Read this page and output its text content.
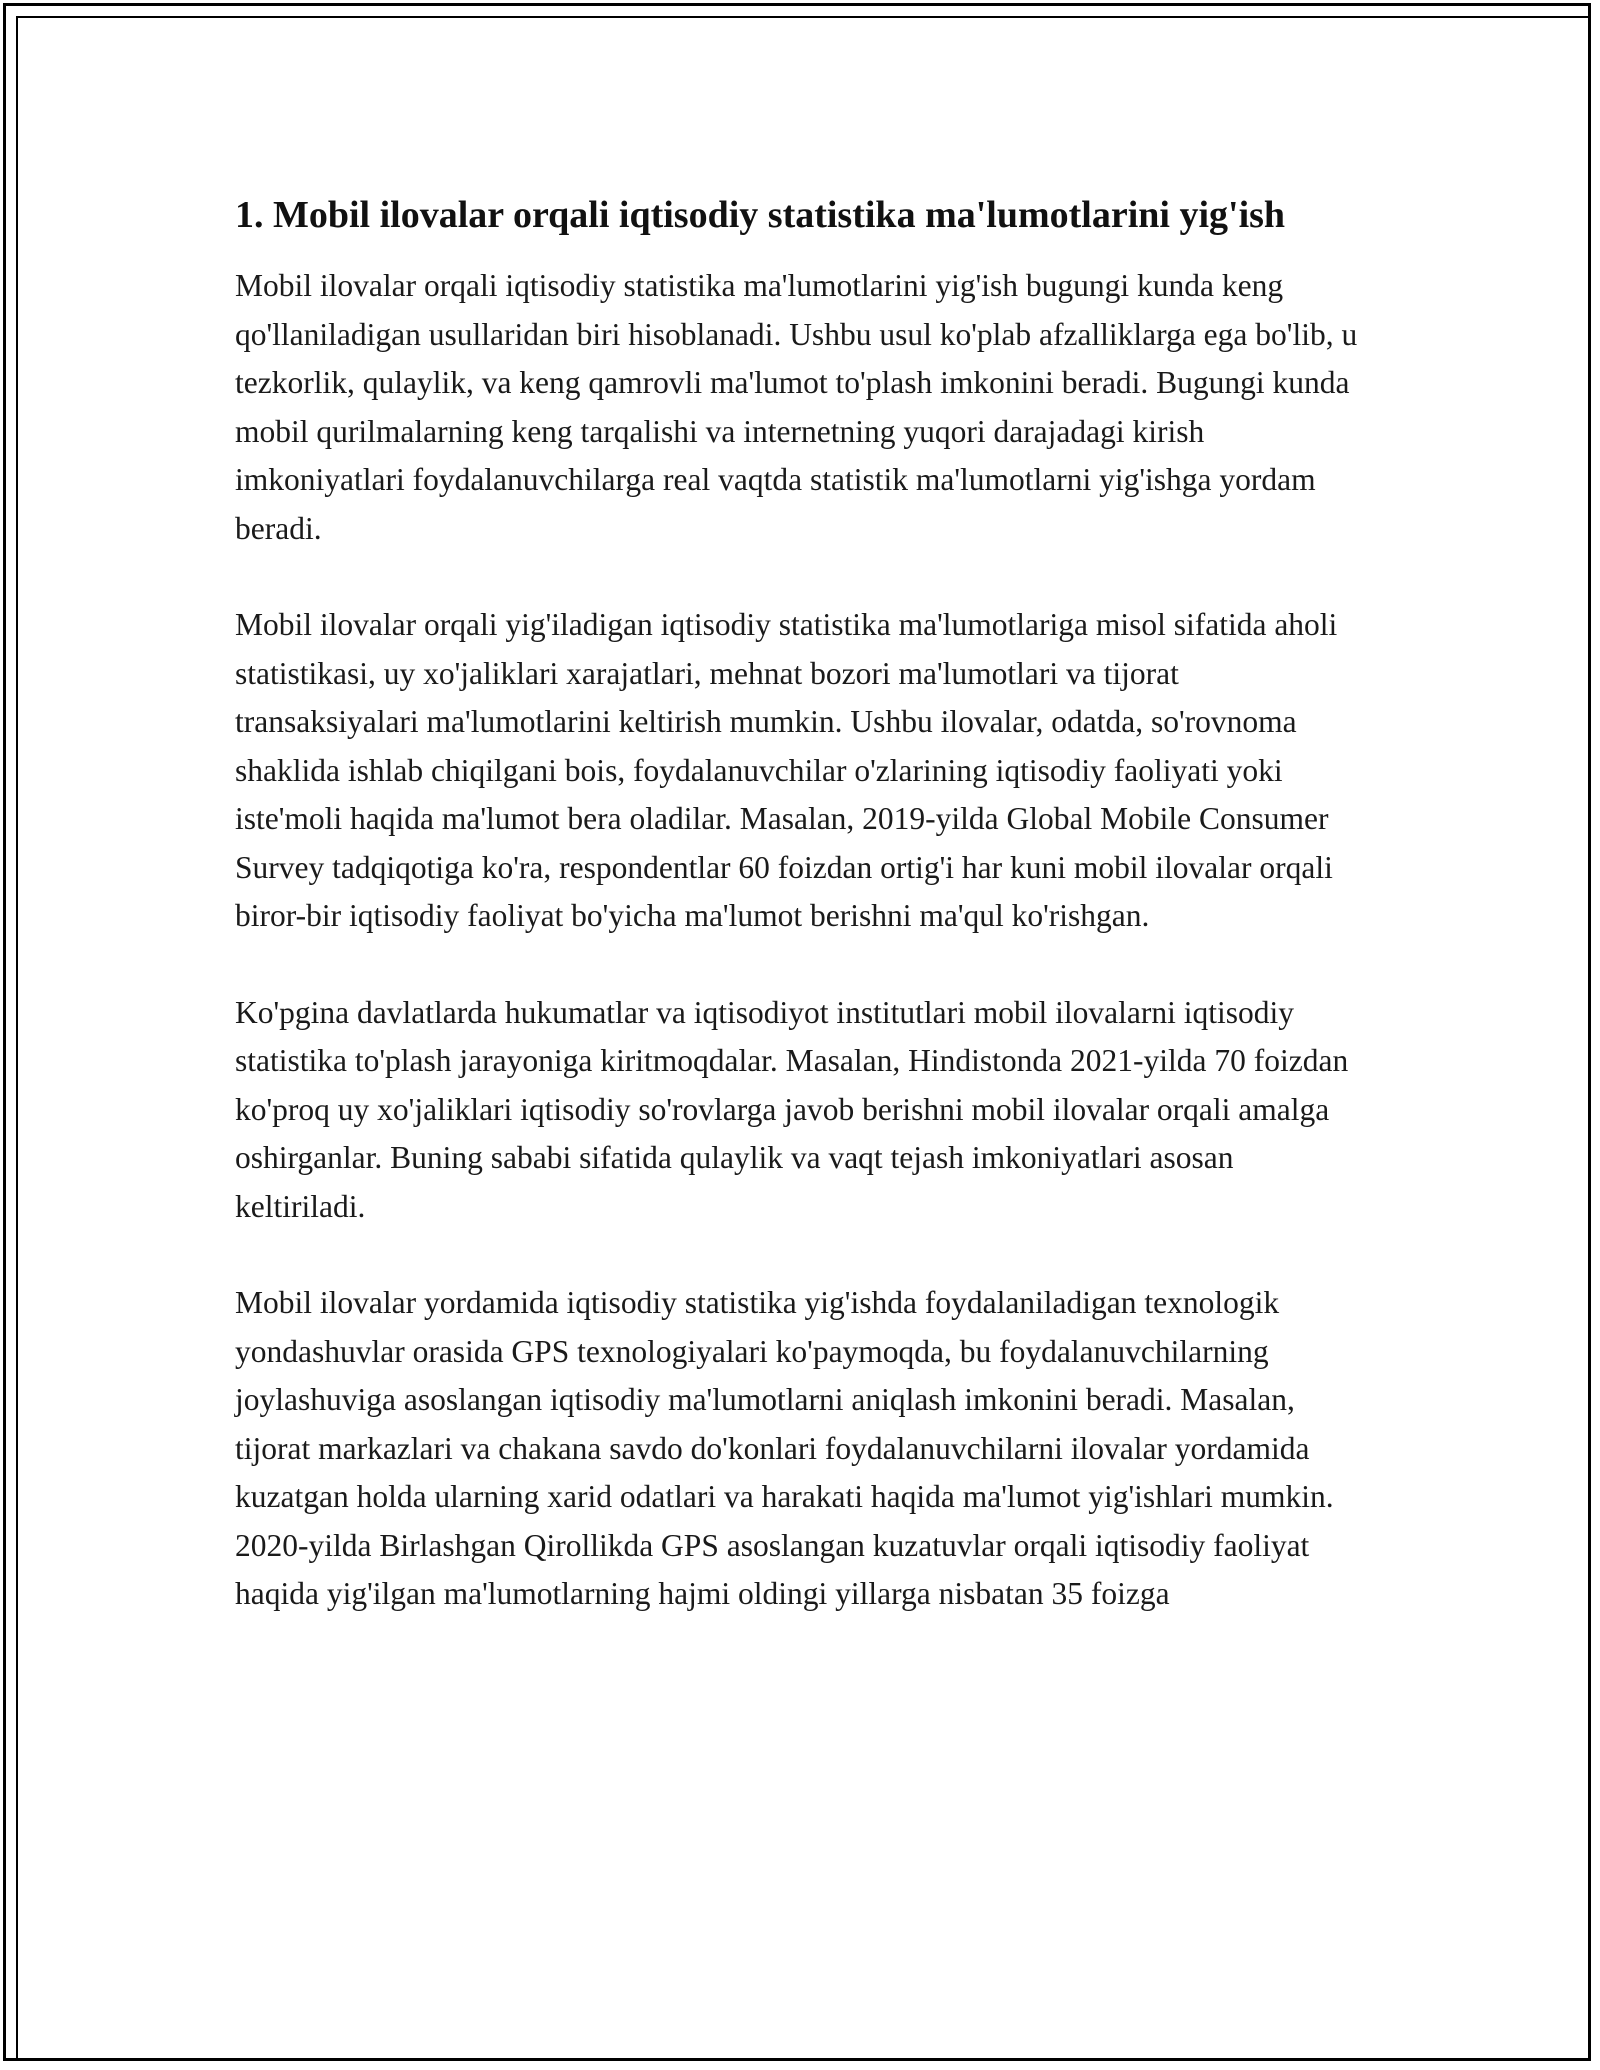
1. Mobil ilovalar orqali iqtisodiy statistika ma'lumotlarini yig'ish

Mobil ilovalar orqali iqtisodiy statistika ma'lumotlarini yig'ish bugungi kunda keng qo'llaniladigan usullaridan biri hisoblanadi. Ushbu usul ko'plab afzalliklarga ega bo'lib, u tezkorlik, qulaylik, va keng qamrovli ma'lumot to'plash imkonini beradi. Bugungi kunda mobil qurilmalarning keng tarqalishi va internetning yuqori darajadagi kirish imkoniyatlari foydalanuvchilarga real vaqtda statistik ma'lumotlarni yig'ishga yordam beradi.

Mobil ilovalar orqali yig'iladigan iqtisodiy statistika ma'lumotlariga misol sifatida aholi statistikasi, uy xo'jaliklari xarajatlari, mehnat bozori ma'lumotlari va tijorat transaksiyalari ma'lumotlarini keltirish mumkin. Ushbu ilovalar, odatda, so'rovnoma shaklida ishlab chiqilgani bois, foydalanuvchilar o'zlarining iqtisodiy faoliyati yoki iste'moli haqida ma'lumot bera oladilar. Masalan, 2019-yilda Global Mobile Consumer Survey tadqiqotiga ko'ra, respondentlar 60 foizdan ortig'i har kuni mobil ilovalar orqali biror-bir iqtisodiy faoliyat bo'yicha ma'lumot berishni ma'qul ko'rishgan.

Ko'pgina davlatlarda hukumatlar va iqtisodiyot institutlari mobil ilovalarni iqtisodiy statistika to'plash jarayoniga kiritmoqdalar. Masalan, Hindistonda 2021-yilda 70 foizdan ko'proq uy xo'jaliklari iqtisodiy so'rovlarga javob berishni mobil ilovalar orqali amalga oshirganlar. Buning sababi sifatida qulaylik va vaqt tejash imkoniyatlari asosan keltiriladi.

Mobil ilovalar yordamida iqtisodiy statistika yig'ishda foydalaniladigan texnologik yondashuvlar orasida GPS texnologiyalari ko'paymoqda, bu foydalanuvchilarning joylashuviga asoslangan iqtisodiy ma'lumotlarni aniqlash imkonini beradi. Masalan, tijorat markazlari va chakana savdo do'konlari foydalanuvchilarni ilovalar yordamida kuzatgan holda ularning xarid odatlari va harakati haqida ma'lumot yig'ishlari mumkin. 2020-yilda Birlashgan Qirollikda GPS asoslangan kuzatuvlar orqali iqtisodiy faoliyat haqida yig'ilgan ma'lumotlarning hajmi oldingi yillarga nisbatan 35 foizga
